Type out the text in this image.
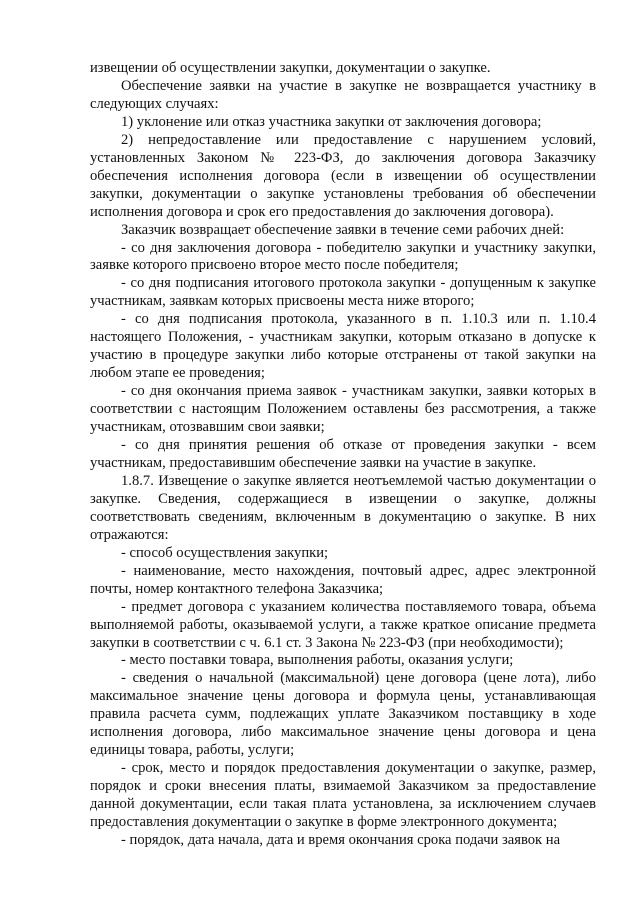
извещении об осуществлении закупки, документации о закупке.

Обеспечение заявки на участие в закупке не возвращается участнику в следующих случаях:

1) уклонение или отказ участника закупки от заключения договора;

2) непредоставление или предоставление с нарушением условий, установленных Законом № 223-ФЗ, до заключения договора Заказчику обеспечения исполнения договора (если в извещении об осуществлении закупки, документации о закупке установлены требования об обеспечении исполнения договора и срок его предоставления до заключения договора).

Заказчик возвращает обеспечение заявки в течение семи рабочих дней:

- со дня заключения договора - победителю закупки и участнику закупки, заявке которого присвоено второе место после победителя;

- со дня подписания итогового протокола закупки - допущенным к закупке участникам, заявкам которых присвоены места ниже второго;

- со дня подписания протокола, указанного в п. 1.10.3 или п. 1.10.4 настоящего Положения, - участникам закупки, которым отказано в допуске к участию в процедуре закупки либо которые отстранены от такой закупки на любом этапе ее проведения;

- со дня окончания приема заявок - участникам закупки, заявки которых в соответствии с настоящим Положением оставлены без рассмотрения, а также участникам, отозвавшим свои заявки;

- со дня принятия решения об отказе от проведения закупки - всем участникам, предоставившим обеспечение заявки на участие в закупке.

1.8.7. Извещение о закупке является неотъемлемой частью документации о закупке. Сведения, содержащиеся в извещении о закупке, должны соответствовать сведениям, включенным в документацию о закупке. В них отражаются:

- способ осуществления закупки;

- наименование, место нахождения, почтовый адрес, адрес электронной почты, номер контактного телефона Заказчика;

- предмет договора с указанием количества поставляемого товара, объема выполняемой работы, оказываемой услуги, а также краткое описание предмета закупки в соответствии с ч. 6.1 ст. 3 Закона № 223-ФЗ (при необходимости);

- место поставки товара, выполнения работы, оказания услуги;

- сведения о начальной (максимальной) цене договора (цене лота), либо максимальное значение цены договора и формула цены, устанавливающая правила расчета сумм, подлежащих уплате Заказчиком поставщику в ходе исполнения договора, либо максимальное значение цены договора и цена единицы товара, работы, услуги;

- срок, место и порядок предоставления документации о закупке, размер, порядок и сроки внесения платы, взимаемой Заказчиком за предоставление данной документации, если такая плата установлена, за исключением случаев предоставления документации о закупке в форме электронного документа;

- порядок, дата начала, дата и время окончания срока подачи заявок на
